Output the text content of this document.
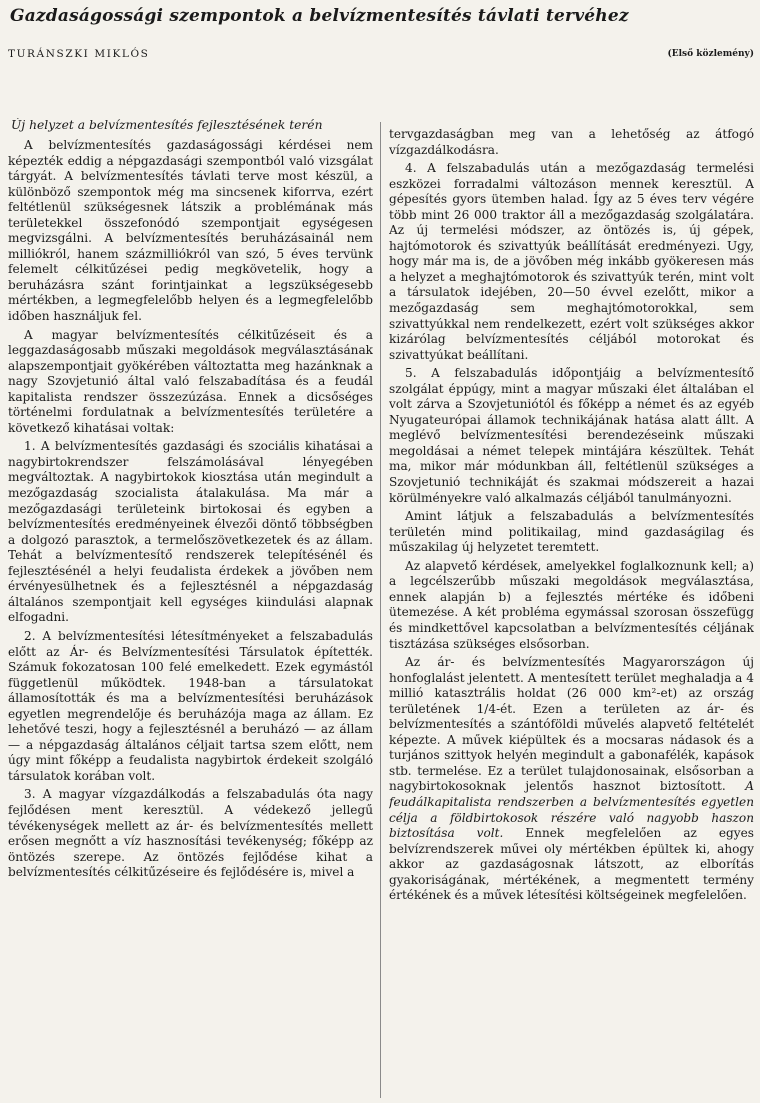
Gazdaságossági szempontok a belvízmentesítés távlati tervéhez
TURÁNSZKI MIKLÓS	(Első közlemény)
Új helyzet a belvízmentesítés fejlesztésének terén

A belvízmentesítés gazdaságossági kérdései nem képezték eddig a népgazdasági szempontból való vizsgálat tárgyát. A belvízmentesítés távlati terve most készül, a különböző szempontok még ma sincsenek kiforrva, ezért feltétlenül szükségesnek látszik a problémának más területekkel összefonódó szempontjait egységesen megvizsgálni. A belvízmentesítés beruházásainál nem milliókról, hanem százmilliókról van szó, 5 éves tervünk felemelt célkitűzései pedig megkövetelik, hogy a beruházásra szánt forintjainkat a legszükségesebb mértékben, a legmegfelelőbb helyen és a legmegfelelőbb időben használjuk fel.

A magyar belvízmentesítés célkitűzéseit és a leggazdaságosabb műszaki megoldások megválasztásának alapszempontjait gyökérében változtatta meg hazánknak a nagy Szovjetunió által való felszabadítása és a feudál kapitalista rendszer összezúzása. Ennek a dicsőséges történelmi fordulatnak a belvízmentesítés területére a következő kihatásai voltak:

1. A belvízmentesítés gazdasági és szociális kihatásai a nagybirtokrendszer felszámolásával lényegében megváltoztak. A nagybirtokok kiosztása után megindult a mezőgazdaság szocialista átalakulása. Ma már a mezőgazdasági területeink birtokosai és egyben a belvízmentesítés eredményeinek élvezői döntő többségben a dolgozó parasztok, a termelőszövetkezetek és az állam. Tehát a belvízmentesítő rendszerek telepítésénél és fejlesztésénél a helyi feudalista érdekek a jövőben nem érvényesülhetnek és a fejlesztésnél a népgazdaság általános szempontjait kell egységes kiindulási alapnak elfogadni.

2. A belvízmentesítési létesítményeket a felszabadulás előtt az Ár- és Belvízmentesítési Társulatok építették. Számuk fokozatosan 100 felé emelkedett. Ezek egymástól függetlenül működtek. 1948-ban a társulatokat államosították és ma a belvízmentesítési beruházások egyetlen megrendelője és beruházója maga az állam. Ez lehetővé teszi, hogy a fejlesztésnél a beruházó — az állam — a népgazdaság általános céljait tartsa szem előtt, nem úgy mint főképp a feudalista nagybirtok érdekeit szolgáló társulatok korában volt.

3. A magyar vízgazdálkodás a felszabadulás óta nagy fejlődésen ment keresztül. A védekező jellegű tévékenységek mellett az ár- és belvízmentesítés mellett erősen megnőtt a víz hasznosítási tevékenység; főképp az öntözés szerepe. Az öntözés fejlődése kihat a belvízmentesítés célkitűzéseire és fejlődésére is, mivel a

tervgazdaságban meg van a lehetőség az átfogó vízgazdálkodásra.

4. A felszabadulás után a mezőgazdaság termelési eszközei forradalmi változáson mennek keresztül. A gépesítés gyors ütemben halad. Így az 5 éves terv végére több mint 26 000 traktor áll a mezőgazdaság szolgálatára. Az új termelési módszer, az öntözés is, új gépek, hajtómotorok és szivattyúk beállítását eredményezi. Ugy, hogy már ma is, de a jövőben még inkább gyökeresen más a helyzet a meghajtómotorok és szivattyúk terén, mint volt a társulatok idejében, 20—50 évvel ezelőtt, mikor a mezőgazdaság sem meghajtómotorokkal, sem szivattyúkkal nem rendelkezett, ezért volt szükséges akkor kizárólag belvízmentesítés céljából motorokat és szivattyúkat beállítani.

5. A felszabadulás időpontjáig a belvízmentesítő szolgálat éppúgy, mint a magyar műszaki élet általában el volt zárva a Szovjetuniótól és főképp a német és az egyéb Nyugateurópai államok technikájának hatása alatt állt. A meglévő belvízmentesítési berendezéseink műszaki megoldásai a német telepek mintájára készültek. Tehát ma, mikor már módunkban áll, feltétlenül szükséges a Szovjetunió technikáját és szakmai módszereit a hazai körülményekre való alkalmazás céljából tanulmányozni.

Amint látjuk a felszabadulás a belvízmentesítés területén mind politikailag, mind gazdaságilag és műszakilag új helyzetet teremtett.

Az alapvető kérdések, amelyekkel foglalkoznunk kell; a) a legcélszerűbb műszaki megoldások megválasztása, ennek alapján b) a fejlesztés mértéke és időbeni ütemezése. A két probléma egymással szorosan összefügg és mindkettővel kapcsolatban a belvízmentesítés céljának tisztázása szükséges elsősorban.

Az ár- és belvízmentesítés Magyarországon új honfoglalást jelentett. A mentesített terület meghaladja a 4 millió katasztrális holdat (26 000 km²-et) az ország területének 1/4-ét. Ezen a területen az ár- és belvízmentesítés a szántóföldi művelés alapvető feltételét képezte. A művek kiépültek és a mocsaras nádasok és a turjános szittyok helyén megindult a gabonafélék, kapások stb. termelése. Ez a terület tulajdonosainak, elsősorban a nagybirtokosoknak jelentős hasznot biztosított. A feudálkapitalista rendszerben a belvízmentesítés egyetlen célja a földbirtokosok részére való nagyobb haszon biztosítása volt. Ennek megfelelően az egyes belvízrendszerek művei oly mértékben épültek ki, ahogy akkor az gazdaságosnak látszott, az elborítás gyakoriságának, mértékének, a megmentett termény értékének és a művek létesítési költségeinek megfelelően.
